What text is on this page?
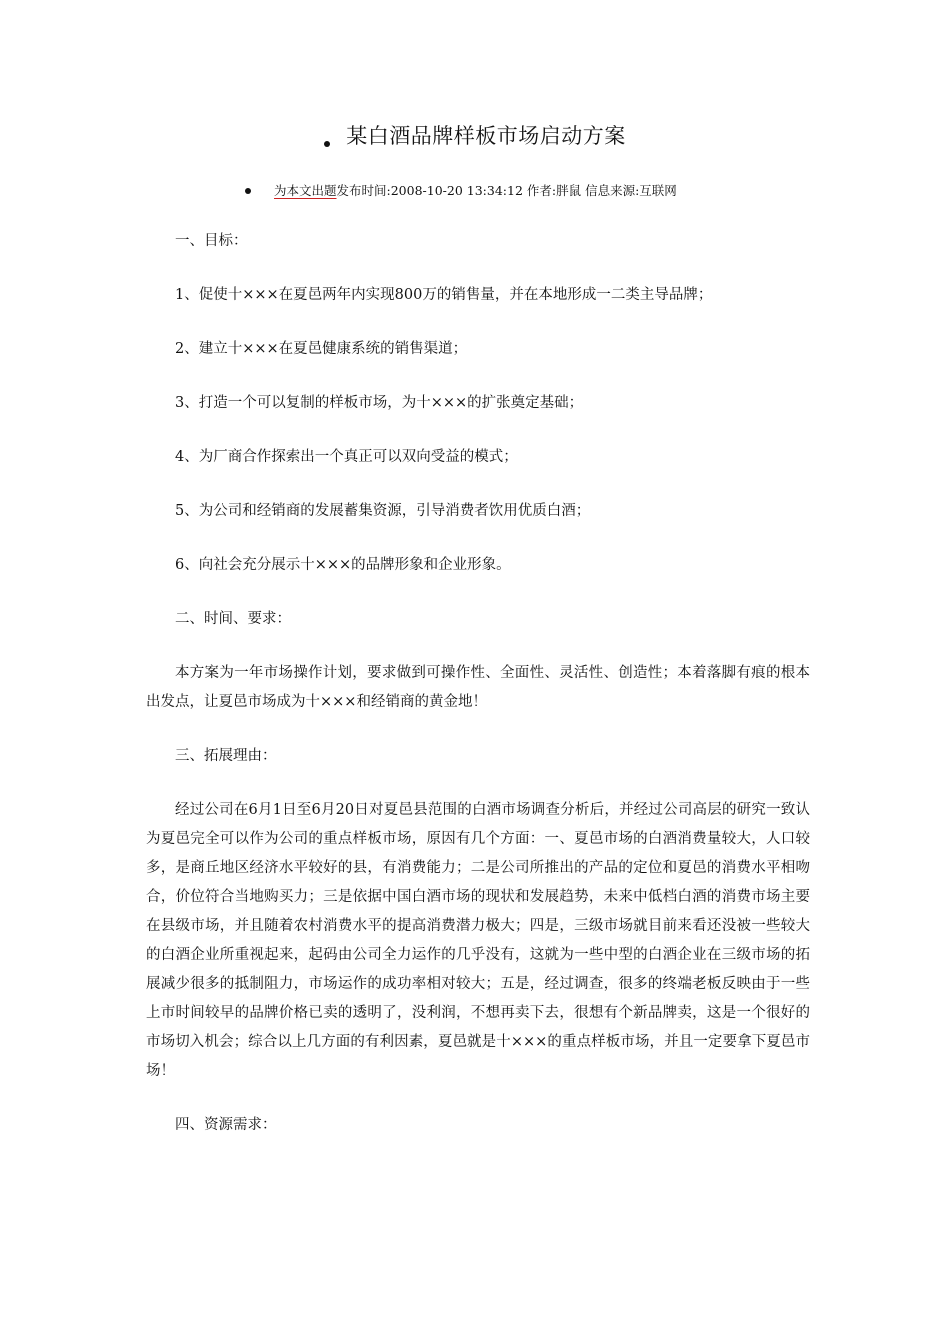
某白酒品牌样板市场启动方案
为本文出题发布时间:2008-10-20 13:34:12 作者:胖鼠 信息来源:互联网

一、目标：

1、促使十×××在夏邑两年内实现800万的销售量，并在本地形成一二类主导品牌；

2、建立十×××在夏邑健康系统的销售渠道；

3、打造一个可以复制的样板市场，为十×××的扩张奠定基础；

4、为厂商合作探索出一个真正可以双向受益的模式；

5、为公司和经销商的发展蓄集资源，引导消费者饮用优质白酒；

6、向社会充分展示十×××的品牌形象和企业形象。

二、时间、要求：

本方案为一年市场操作计划，要求做到可操作性、全面性、灵活性、创造性；本着落脚有痕的根本出发点，让夏邑市场成为十×××和经销商的黄金地！

三、拓展理由：

经过公司在6月1日至6月20日对夏邑县范围的白酒市场调查分析后，并经过公司高层的研究一致认为夏邑完全可以作为公司的重点样板市场，原因有几个方面：一、夏邑市场的白酒消费量较大，人口较多，是商丘地区经济水平较好的县，有消费能力；二是公司所推出的产品的定位和夏邑的消费水平相吻合，价位符合当地购买力；三是依据中国白酒市场的现状和发展趋势，未来中低档白酒的消费市场主要在县级市场，并且随着农村消费水平的提高消费潜力极大；四是，三级市场就目前来看还没被一些较大的白酒企业所重视起来，起码由公司全力运作的几乎没有，这就为一些中型的白酒企业在三级市场的拓展减少很多的抵制阻力，市场运作的成功率相对较大；五是，经过调查，很多的终端老板反映由于一些上市时间较早的品牌价格已卖的透明了，没利润，不想再卖下去，很想有个新品牌卖，这是一个很好的市场切入机会；综合以上几方面的有利因素，夏邑就是十×××的重点样板市场，并且一定要拿下夏邑市场！

四、资源需求：
